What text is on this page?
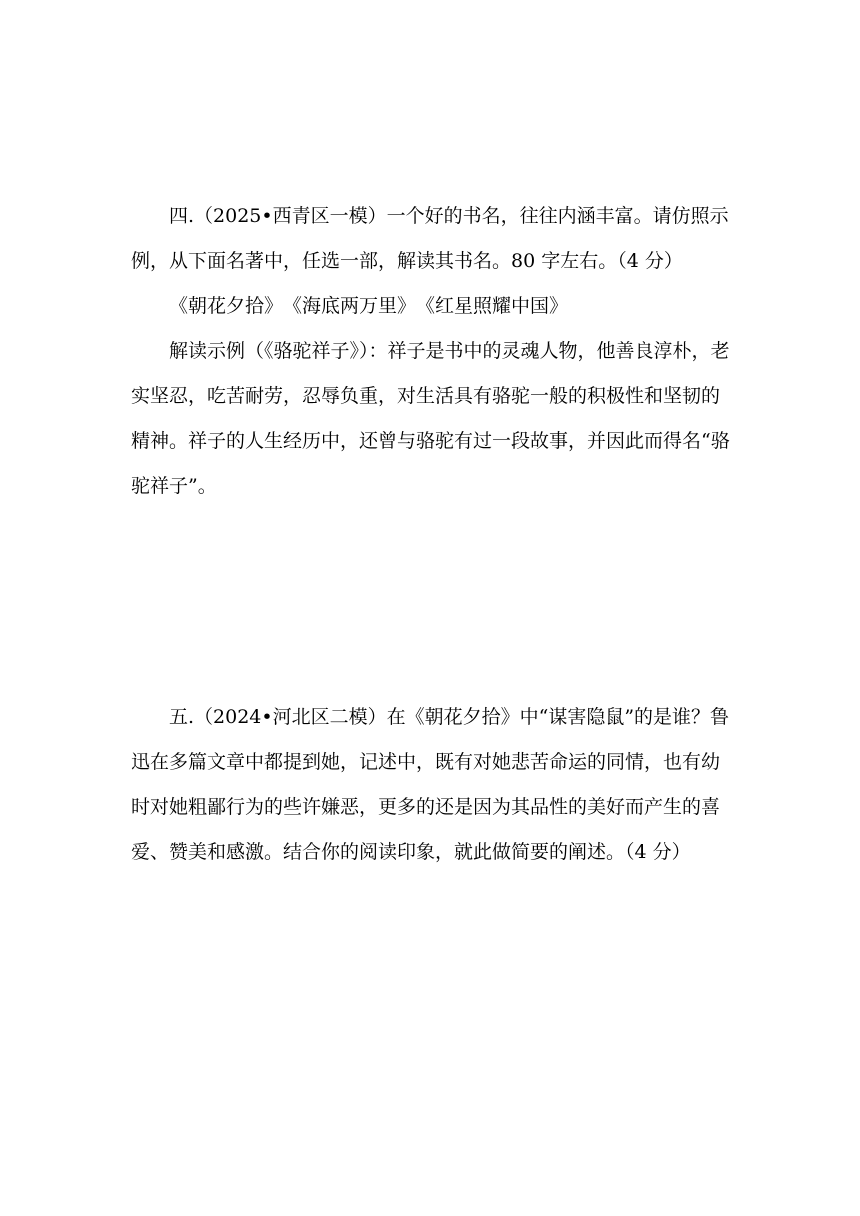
四.（2025•西青区一模）一个好的书名，往往内涵丰富。请仿照示例，从下面名著中，任选一部，解读其书名。80 字左右。（4 分）

《朝花夕拾》　《海底两万里》　《红星照耀中国》

解读示例（《骆驼祥子》）：祥子是书中的灵魂人物，他善良淳朴，老实坚忍，吃苦耐劳，忍辱负重，对生活具有骆驼一般的积极性和坚韧的精神。祥子的人生经历中，还曾与骆驼有过一段故事，并因此而得名“骆驼祥子”。

五.（2024•河北区二模）在《朝花夕拾》中“谋害隐鼠”的是谁？鲁迅在多篇文章中都提到她，记述中，既有对她悲苦命运的同情，也有幼时对她粗鄙行为的些许嫌恶，更多的还是因为其品性的美好而产生的喜爱、赞美和感激。结合你的阅读印象，就此做简要的阐述。（4 分）
